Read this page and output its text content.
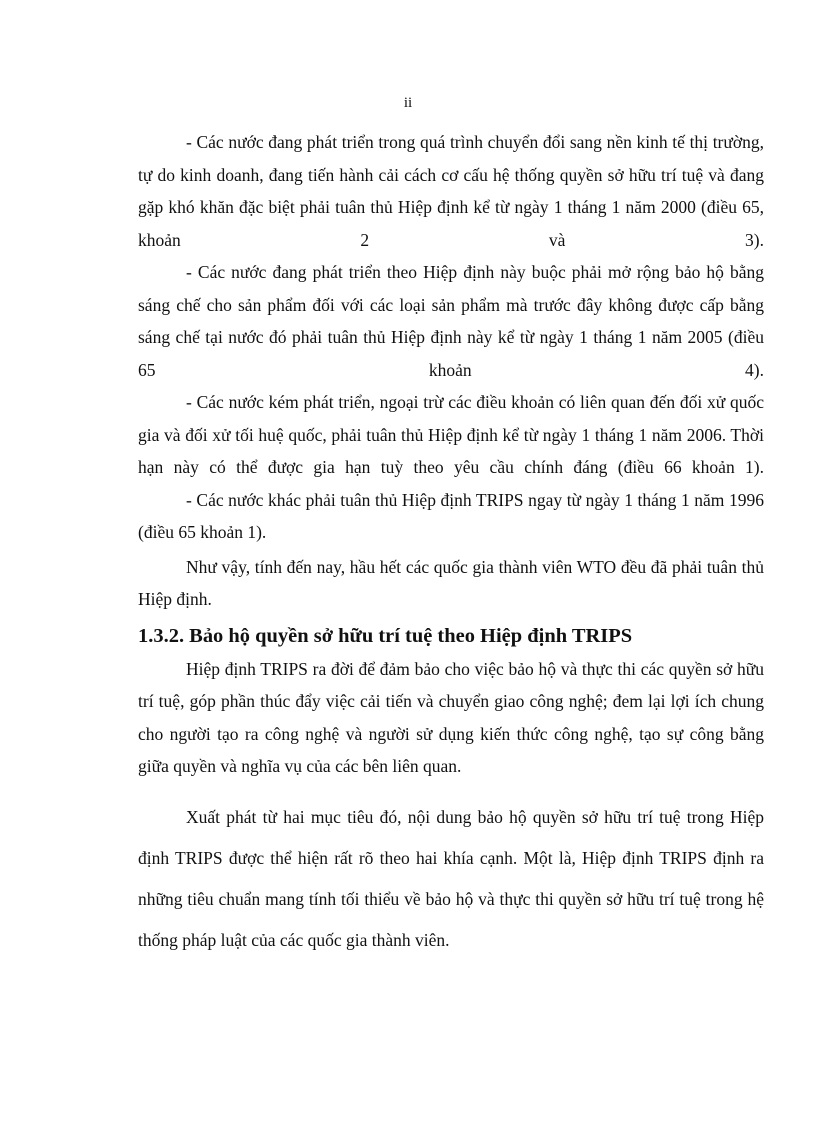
ii

- Các nước đang phát triển trong quá trình chuyển đổi sang nền kinh tế thị trường, tự do kinh doanh, đang tiến hành cải cách cơ cấu hệ thống quyền sở hữu trí tuệ và đang gặp khó khăn đặc biệt phải tuân thủ Hiệp định kể từ ngày 1 tháng 1 năm 2000 (điều 65, khoản 2 và 3).

- Các nước đang phát triển theo Hiệp định này buộc phải mở rộng bảo hộ bằng sáng chế cho sản phẩm đối với các loại sản phẩm mà trước đây không được cấp bằng sáng chế tại nước đó phải tuân thủ Hiệp định này kể từ ngày 1 tháng 1 năm 2005 (điều 65 khoản 4).

- Các nước kém phát triển, ngoại trừ các điều khoản có liên quan đến đối xử quốc gia và đối xử tối huệ quốc, phải tuân thủ Hiệp định kể từ ngày 1 tháng 1 năm 2006. Thời hạn này có thể được gia hạn tuỳ theo yêu cầu chính đáng (điều 66 khoản 1).

- Các nước khác phải tuân thủ Hiệp định TRIPS ngay từ ngày 1 tháng 1 năm 1996 (điều 65 khoản 1).

Như vậy, tính đến nay, hầu hết các quốc gia thành viên WTO đều đã phải tuân thủ Hiệp định.

1.3.2. Bảo hộ quyền sở hữu trí tuệ theo Hiệp định TRIPS

Hiệp định TRIPS ra đời để đảm bảo cho việc bảo hộ và thực thi các quyền sở hữu trí tuệ, góp phần thúc đẩy việc cải tiến và chuyển giao công nghệ; đem lại lợi ích chung cho người tạo ra công nghệ và người sử dụng kiến thức công nghệ, tạo sự công bằng giữa quyền và nghĩa vụ của các bên liên quan.

Xuất phát từ hai mục tiêu đó, nội dung bảo hộ quyền sở hữu trí tuệ trong Hiệp định TRIPS được thể hiện rất rõ theo hai khía cạnh. Một là, Hiệp định TRIPS định ra những tiêu chuẩn mang tính tối thiểu về bảo hộ và thực thi quyền sở hữu trí tuệ trong hệ thống pháp luật của các quốc gia thành viên.
